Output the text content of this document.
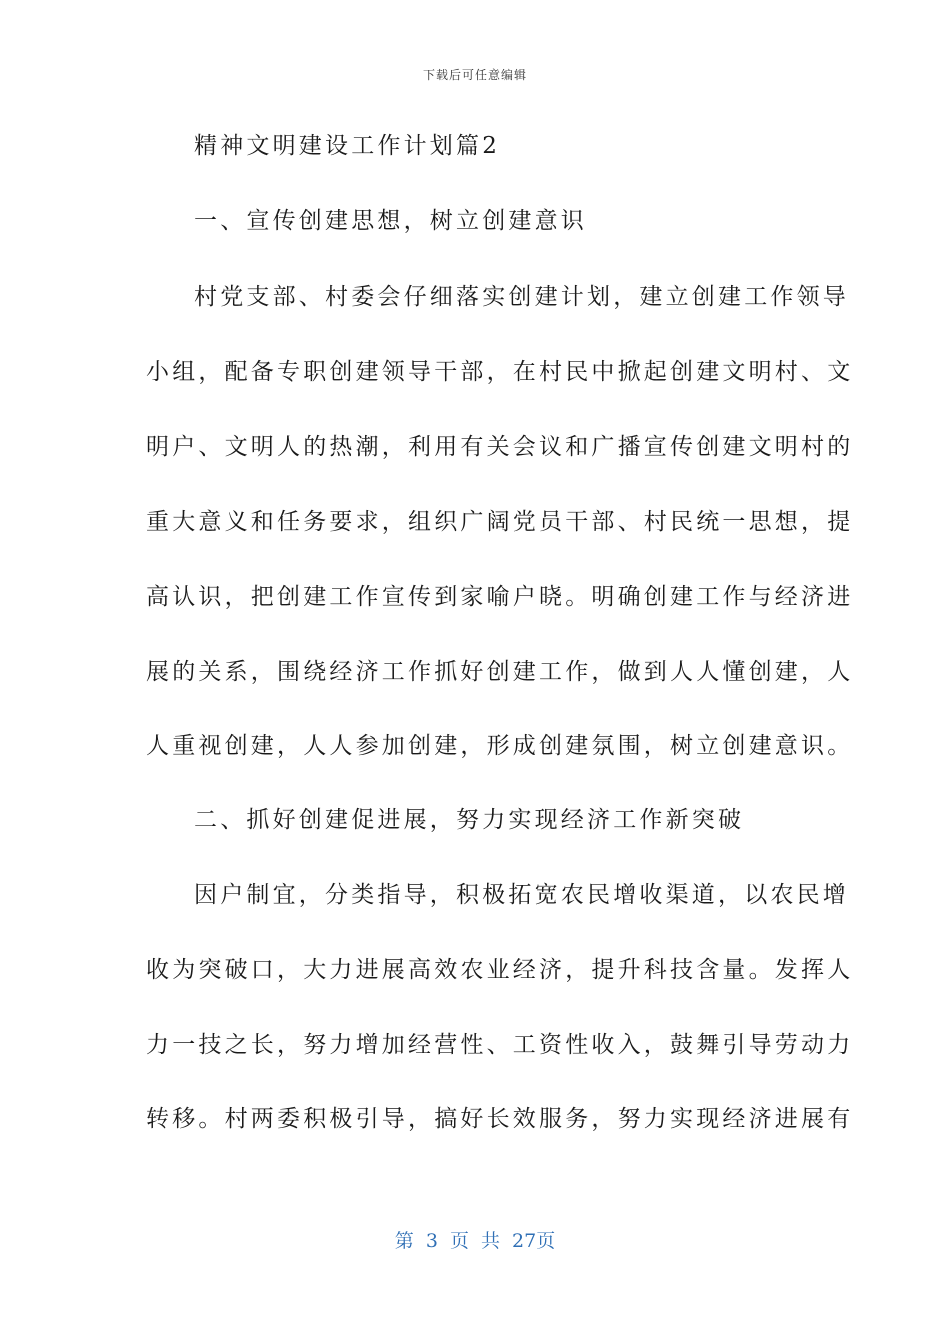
下载后可任意编辑
精神文明建设工作计划篇2
一、宣传创建思想，树立创建意识
村党支部、村委会仔细落实创建计划，建立创建工作领导
小组，配备专职创建领导干部，在村民中掀起创建文明村、文
明户、文明人的热潮，利用有关会议和广播宣传创建文明村的
重大意义和任务要求，组织广阔党员干部、村民统一思想，提
高认识，把创建工作宣传到家喻户晓。明确创建工作与经济进
展的关系，围绕经济工作抓好创建工作，做到人人懂创建，人
人重视创建，人人参加创建，形成创建氛围，树立创建意识。
二、抓好创建促进展，努力实现经济工作新突破
因户制宜，分类指导，积极拓宽农民增收渠道，以农民增
收为突破口，大力进展高效农业经济，提升科技含量。发挥人
力一技之长，努力增加经营性、工资性收入，鼓舞引导劳动力
转移。村两委积极引导，搞好长效服务，努力实现经济进展有
第 3 页 共 27页
